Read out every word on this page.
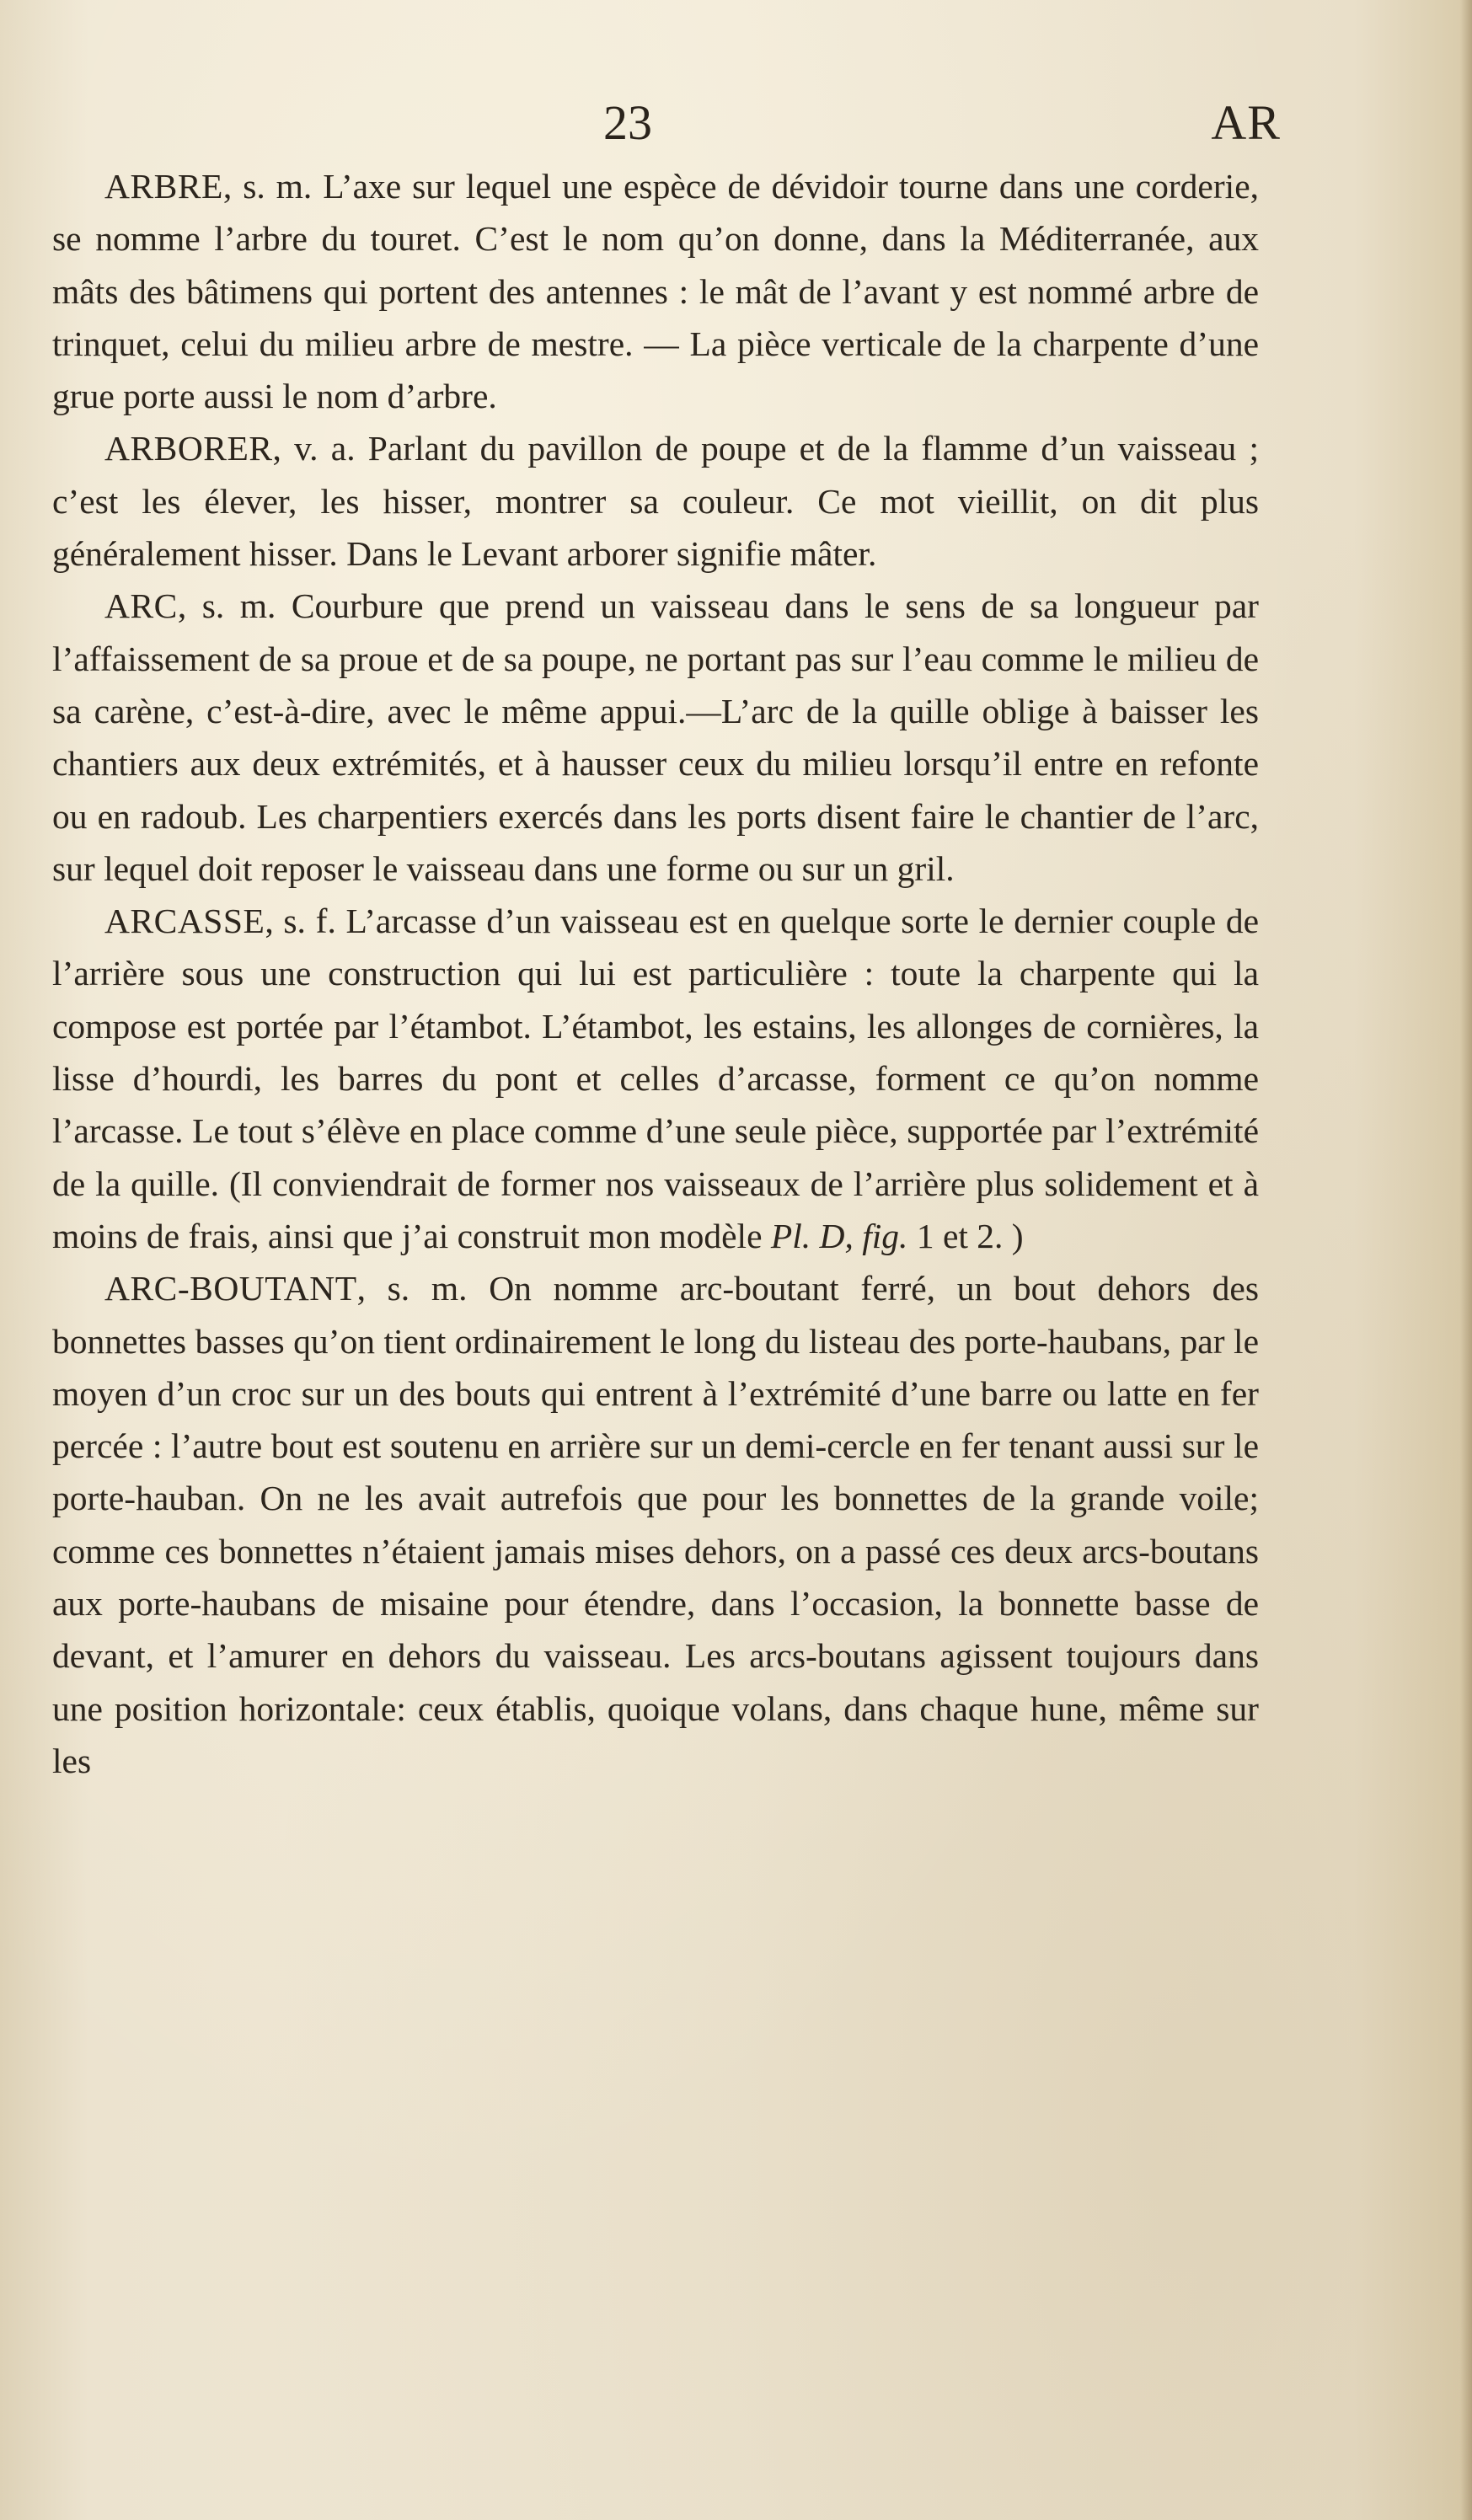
23	AR

ARBRE, s. m. L’axe sur lequel une espèce de dévidoir tourne dans une corderie, se nomme l’arbre du touret. C’est le nom qu’on donne, dans la Méditerranée, aux mâts des bâtimens qui portent des antennes : le mât de l’avant y est nommé arbre de trinquet, celui du milieu arbre de mestre. — La pièce verticale de la charpente d’une grue porte aussi le nom d’arbre.

ARBORER, v. a. Parlant du pavillon de poupe et de la flamme d’un vaisseau ; c’est les élever, les hisser, montrer sa couleur. Ce mot vieillit, on dit plus généralement hisser. Dans le Levant arborer signifie mâter.

ARC, s. m. Courbure que prend un vaisseau dans le sens de sa longueur par l’affaissement de sa proue et de sa poupe, ne portant pas sur l’eau comme le milieu de sa carène, c’est-à-dire, avec le même appui.—L’arc de la quille oblige à baisser les chantiers aux deux extrémités, et à hausser ceux du milieu lorsqu’il entre en refonte ou en radoub. Les charpentiers exercés dans les ports disent faire le chantier de l’arc, sur lequel doit reposer le vaisseau dans une forme ou sur un gril.

ARCASSE, s. f. L’arcasse d’un vaisseau est en quelque sorte le dernier couple de l’arrière sous une construction qui lui est particulière : toute la charpente qui la compose est portée par l’étambot. L’étambot, les estains, les allonges de cornières, la lisse d’hourdi, les barres du pont et celles d’arcasse, forment ce qu’on nomme l’arcasse. Le tout s’élève en place comme d’une seule pièce, supportée par l’extrémité de la quille. (Il conviendrait de former nos vaisseaux de l’arrière plus solidement et à moins de frais, ainsi que j’ai construit mon modèle Pl. D, fig. 1 et 2. )

ARC-BOUTANT, s. m. On nomme arc-boutant ferré, un bout dehors des bonnettes basses qu’on tient ordinairement le long du listeau des porte-haubans, par le moyen d’un croc sur un des bouts qui entrent à l’extrémité d’une barre ou latte en fer percée : l’autre bout est soutenu en arrière sur un demi-cercle en fer tenant aussi sur le porte-hauban. On ne les avait autrefois que pour les bonnettes de la grande voile; comme ces bonnettes n’étaient jamais mises dehors, on a passé ces deux arcs-boutans aux porte-haubans de misaine pour étendre, dans l’occasion, la bonnette basse de devant, et l’amurer en dehors du vaisseau. Les arcs-boutans agissent toujours dans une position horizontale: ceux établis, quoique volans, dans chaque hune, même sur les
